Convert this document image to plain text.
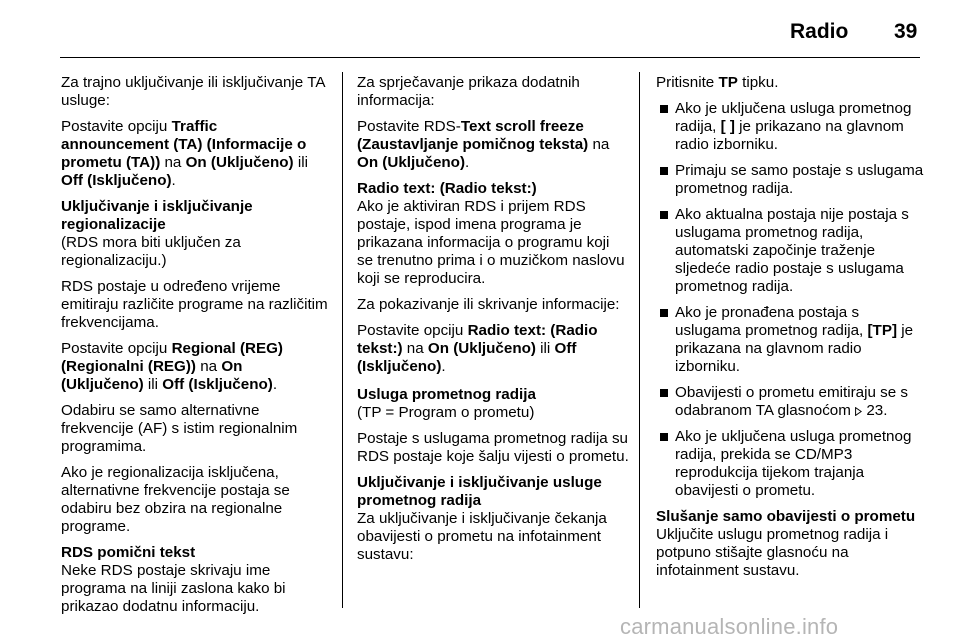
Radio 39

Za trajno uključivanje ili isključivanje TA usluge:

Postavite opciju Traffic announcement (TA) (Informacije o prometu (TA)) na On (Uključeno) ili Off (Isključeno).

Uključivanje i isključivanje regionalizacije

(RDS mora biti uključen za regionalizaciju.)

RDS postaje u određeno vrijeme emitiraju različite programe na različitim frekvencijama.

Postavite opciju Regional (REG) (Regionalni (REG)) na On (Uključeno) ili Off (Isključeno).

Odabiru se samo alternativne frekvencije (AF) s istim regionalnim programima.

Ako je regionalizacija isključena, alternativne frekvencije postaja se odabiru bez obzira na regionalne programe.

RDS pomični tekst

Neke RDS postaje skrivaju ime programa na liniji zaslona kako bi prikazao dodatnu informaciju.

Za sprječavanje prikaza dodatnih informacija:

Postavite RDS-Text scroll freeze (Zaustavljanje pomičnog teksta) na On (Uključeno).

Radio text: (Radio tekst:)

Ako je aktiviran RDS i prijem RDS postaje, ispod imena programa je prikazana informacija o programu koji se trenutno prima i o muzičkom naslovu koji se reproducira.

Za pokazivanje ili skrivanje informacije:

Postavite opciju Radio text: (Radio tekst:) na On (Uključeno) ili Off (Isključeno).

Usluga prometnog radija

(TP = Program o prometu)

Postaje s uslugama prometnog radija su RDS postaje koje šalju vijesti o prometu.

Uključivanje i isključivanje usluge prometnog radija

Za uključivanje i isključivanje čekanja obavijesti o prometu na infotainment sustavu:

Pritisnite TP tipku.

Ako je uključena usluga prometnog radija, [ ] je prikazano na glavnom radio izborniku.
Primaju se samo postaje s uslugama prometnog radija.
Ako aktualna postaja nije postaja s uslugama prometnog radija, automatski započinje traženje sljedeće radio postaje s uslugama prometnog radija.
Ako je pronađena postaja s uslugama prometnog radija, [TP] je prikazana na glavnom radio izborniku.
Obavijesti o prometu emitiraju se s odabranom TA glasnoćom  23.
Ako je uključena usluga prometnog radija, prekida se CD/MP3 reprodukcija tijekom trajanja obavijesti o prometu.

Slušanje samo obavijesti o prometu

Uključite uslugu prometnog radija i potpuno stišajte glasnoću na infotainment sustavu.

carmanualsonline.info
